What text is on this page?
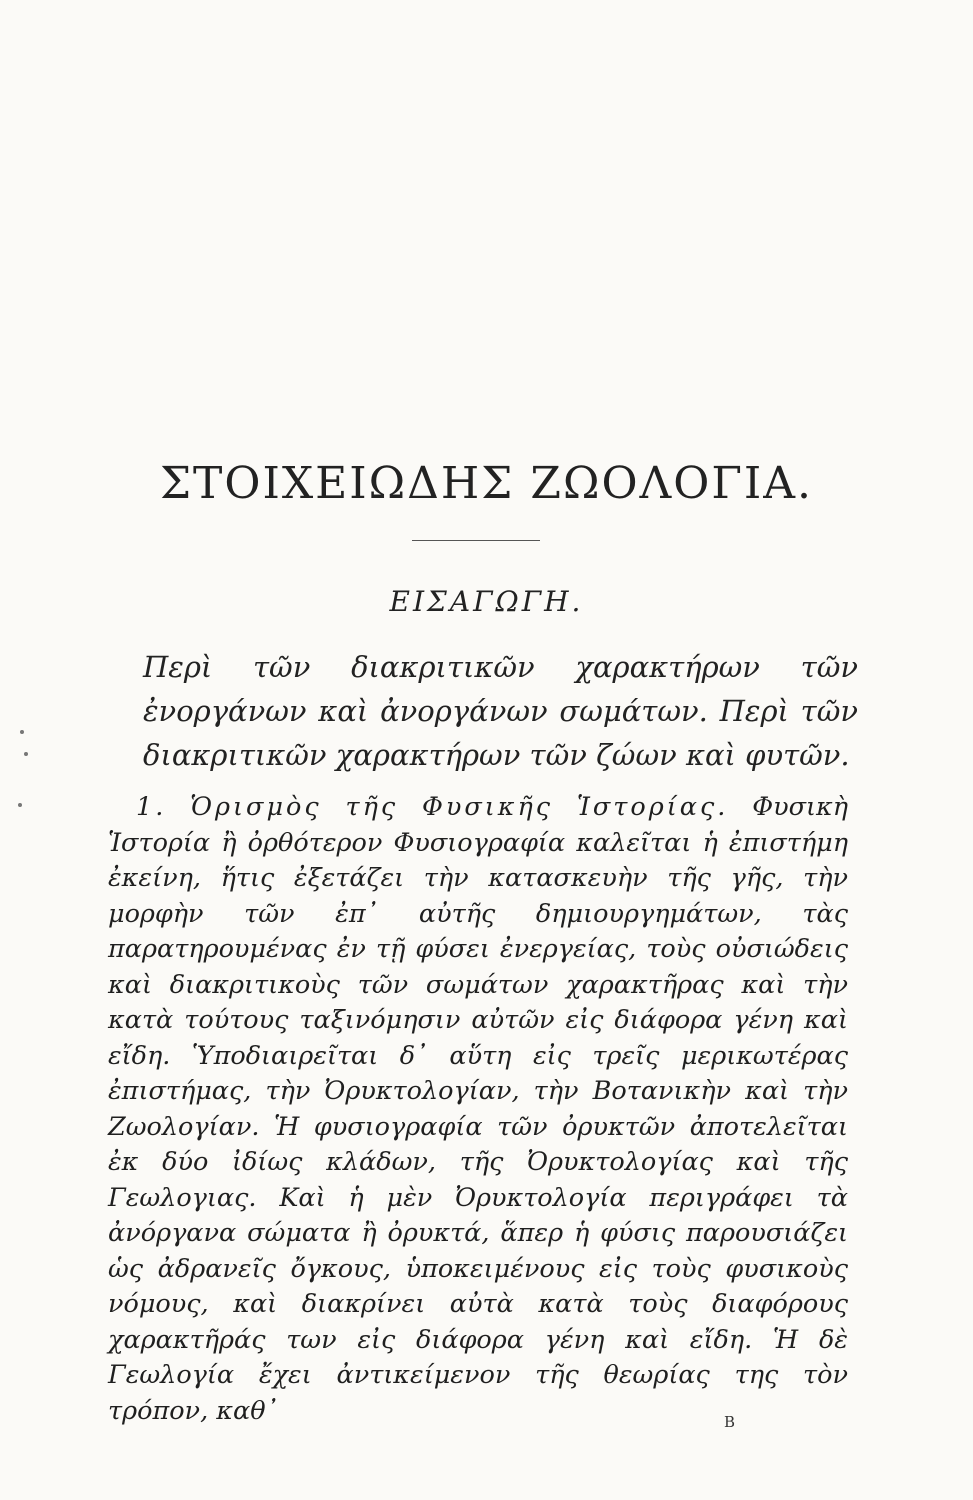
ΣΤΟΙΧΕΙΩΔΗΣ ΖΩΟΛΟΓΙΑ.
ΕΙΣΑΓΩΓΗ.
Περὶ τῶν διακριτικῶν χαρακτήρων τῶν ἐνοργάνων καὶ ἀνοργάνων σωμάτων. Περὶ τῶν διακριτικῶν χαρακτήρων τῶν ζώων καὶ φυτῶν.
1. Ὁρισμὸς τῆς Φυσικῆς Ἱστορίας. Φυσικὴ Ἱστορία ἢ ὀρθότερον Φυσιογραφία καλεῖται ἡ ἐπιστήμη ἐκείνη, ἥτις ἐξετάζει τὴν κατασκευὴν τῆς γῆς, τὴν μορφὴν τῶν ἐπ᾽ αὐτῆς δημιουργημάτων, τὰς παρατηρουμένας ἐν τῇ φύσει ἐνεργείας, τοὺς οὐσιώδεις καὶ διακριτικοὺς τῶν σωμάτων χαρακτῆρας καὶ τὴν κατὰ τούτους ταξινόμησιν αὐτῶν εἰς διάφορα γένη καὶ εἴδη. Ὑποδιαιρεῖται δ᾽ αὕτη εἰς τρεῖς μερικωτέρας ἐπιστήμας, τὴν Ὀρυκτολογίαν, τὴν Βοτανικὴν καὶ τὴν Ζωολογίαν. Ἡ φυσιογραφία τῶν ὀρυκτῶν ἀποτελεῖται ἐκ δύο ἰδίως κλάδων, τῆς Ὀρυκτολογίας καὶ τῆς Γεωλογιας. Καὶ ἡ μὲν Ὀρυκτολογία περιγράφει τὰ ἀνόργανα σώματα ἢ ὀρυκτά, ἅπερ ἡ φύσις παρουσιάζει ὡς ἀδρανεῖς ὄγκους, ὑποκειμένους εἰς τοὺς φυσικοὺς νόμους, καὶ διακρίνει αὐτὰ κατὰ τοὺς διαφόρους χαρακτῆράς των εἰς διάφορα γένη καὶ εἴδη. Ἡ δὲ Γεωλογία ἔχει ἀντικείμενον τῆς θεωρίας της τὸν τρόπον, καθ᾽	B
